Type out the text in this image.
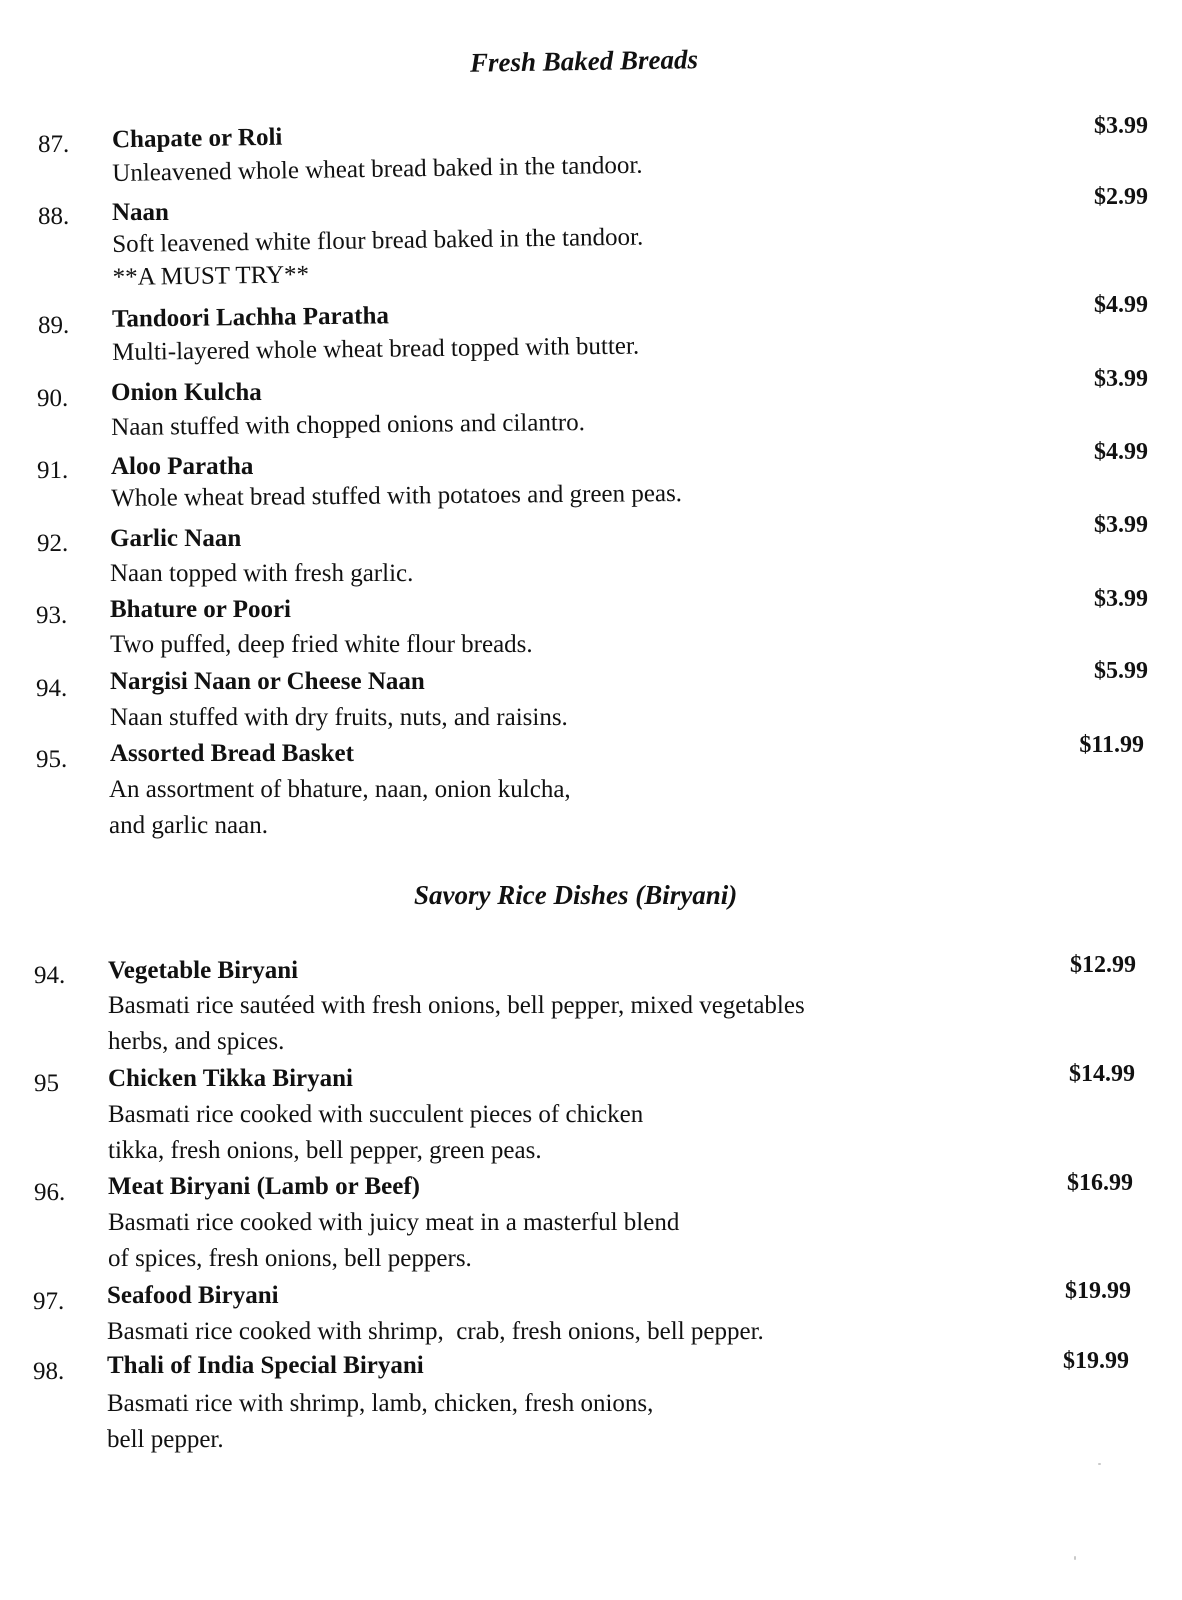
Fresh Baked Breads
87. Chapate or Roli
Unleavened whole wheat bread baked in the tandoor.
$3.99
88. Naan
Soft leavened white flour bread baked in the tandoor.
**A MUST TRY**
$2.99
89. Tandoori Lachha Paratha
Multi-layered whole wheat bread topped with butter.
$4.99
90. Onion Kulcha
Naan stuffed with chopped onions and cilantro.
$3.99
91. Aloo Paratha
Whole wheat bread stuffed with potatoes and green peas.
$4.99
92. Garlic Naan
Naan topped with fresh garlic.
$3.99
93. Bhature or Poori
Two puffed, deep fried white flour breads.
$3.99
94. Nargisi Naan or Cheese Naan
Naan stuffed with dry fruits, nuts, and raisins.
$5.99
95. Assorted Bread Basket
An assortment of bhature, naan, onion kulcha,
and garlic naan.
$11.99
Savory Rice Dishes (Biryani)
94. Vegetable Biryani
Basmati rice sautéed with fresh onions, bell pepper, mixed vegetables
herbs, and spices.
$12.99
95 Chicken Tikka Biryani
Basmati rice cooked with succulent pieces of chicken
tikka, fresh onions, bell pepper, green peas.
$14.99
96. Meat Biryani (Lamb or Beef)
Basmati rice cooked with juicy meat in a masterful blend
of spices, fresh onions, bell peppers.
$16.99
97. Seafood Biryani
Basmati rice cooked with shrimp,  crab, fresh onions, bell pepper.
$19.99
98. Thali of India Special Biryani
Basmati rice with shrimp, lamb, chicken, fresh onions,
bell pepper.
$19.99
